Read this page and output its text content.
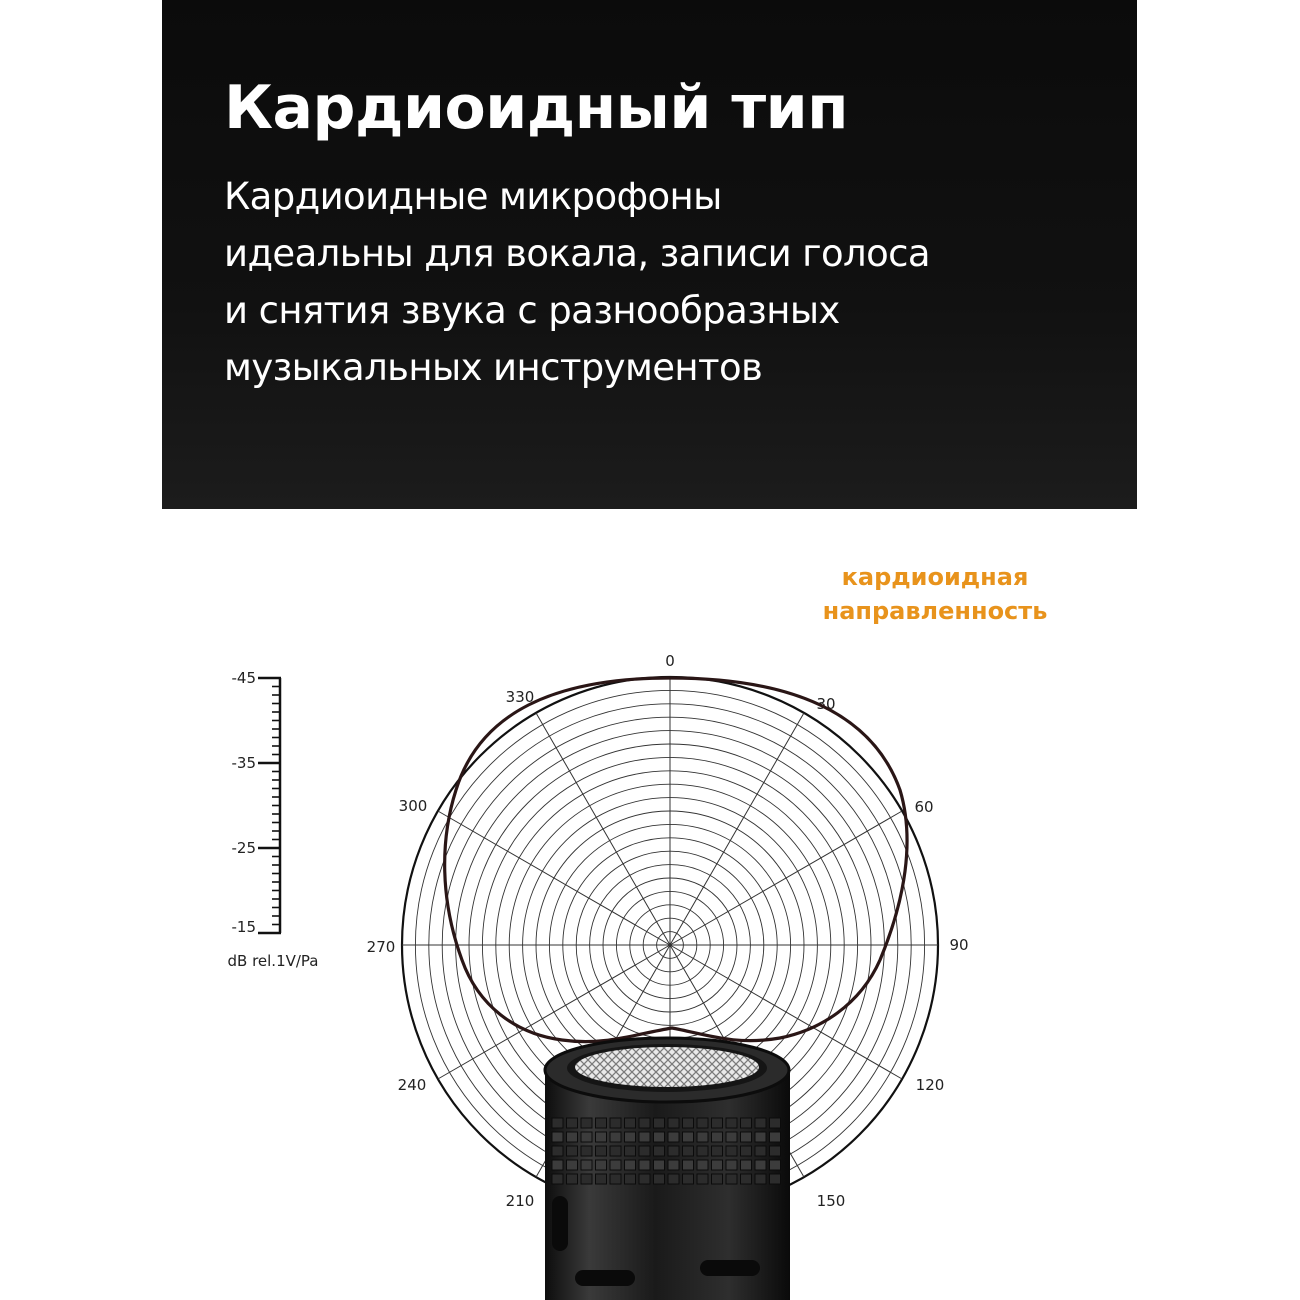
Кардиоидный тип
Кардиоидные микрофоны
идеальны для вокала, записи голоса
и снятия звука с разнообразных
музыкальных инструментов
кардиоидная
направленность
-45
-35
-25
-15
dB rel.1V/Pa
0
30
60
90
120
150
210
240
270
300
330
